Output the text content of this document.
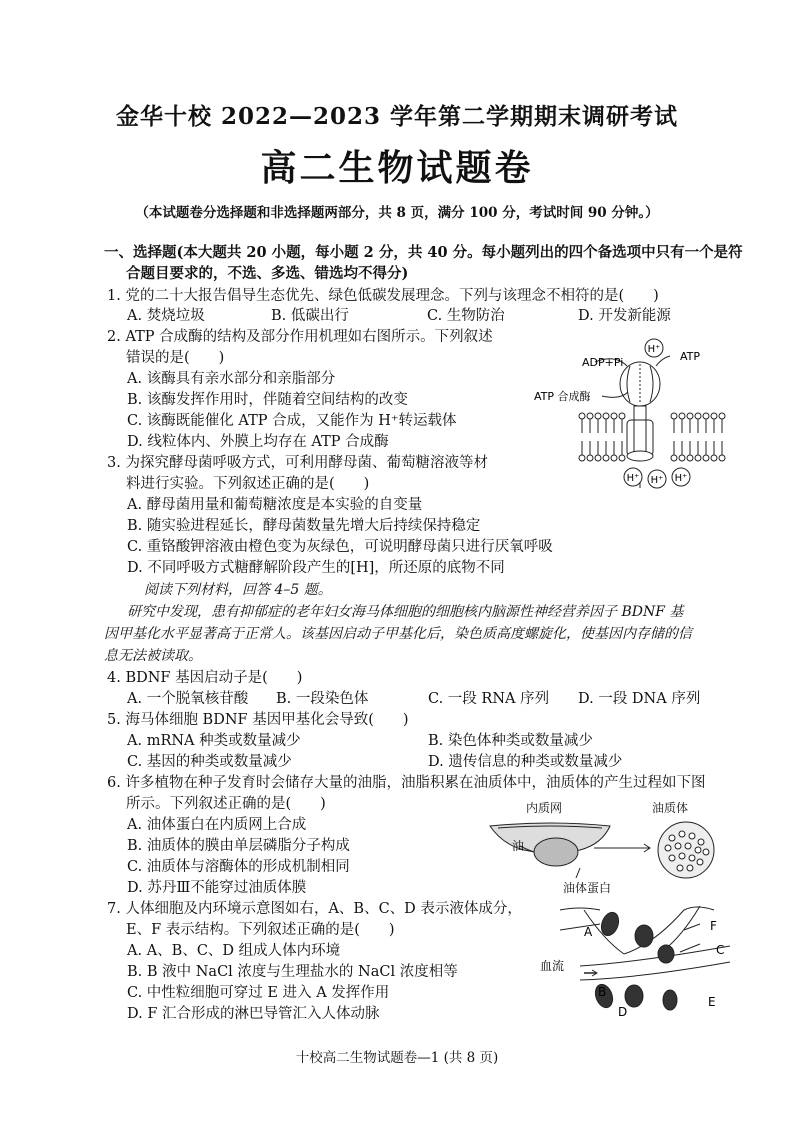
金华十校 2022—2023 学年第二学期期末调研考试
高二生物试题卷
（本试题卷分选择题和非选择题两部分，共 8 页，满分 100 分，考试时间 90 分钟。）
一、选择题(本大题共 20 小题，每小题 2 分，共 40 分。每小题列出的四个备选项中只有一个是符
合题目要求的，不选、多选、错选均不得分)
1. 党的二十大报告倡导生态优先、绿色低碳发展理念。下列与该理念不相符的是(　　)
A. 焚烧垃圾	B. 低碳出行	C. 生物防治	D. 开发新能源
2. ATP 合成酶的结构及部分作用机理如右图所示。下列叙述
错误的是(　　)
A. 该酶具有亲水部分和亲脂部分
B. 该酶发挥作用时，伴随着空间结构的改变
C. 该酶既能催化 ATP 合成，又能作为 H⁺转运载体
D. 线粒体内、外膜上均存在 ATP 合成酶
H⁺
H⁺ H⁺ H⁺
ADP+Pi	ATP
ATP 合成酶
3. 为探究酵母菌呼吸方式，可利用酵母菌、葡萄糖溶液等材
料进行实验。下列叙述正确的是(　　)
A. 酵母菌用量和葡萄糖浓度是本实验的自变量
B. 随实验进程延长，酵母菌数量先增大后持续保持稳定
C. 重铬酸钾溶液由橙色变为灰绿色，可说明酵母菌只进行厌氧呼吸
D. 不同呼吸方式糖酵解阶段产生的[H]，所还原的底物不同
阅读下列材料，回答 4–5 题。
研究中发现，患有抑郁症的老年妇女海马体细胞的细胞核内脑源性神经营养因子 BDNF 基
因甲基化水平显著高于正常人。该基因启动子甲基化后，染色质高度螺旋化，使基因内存储的信
息无法被读取。
4. BDNF 基因启动子是(　　)
A. 一个脱氧核苷酸 B. 一段染色体	C. 一段 RNA 序列 D. 一段 DNA 序列
5. 海马体细胞 BDNF 基因甲基化会导致(　　)
A. mRNA 种类或数量减少	B. 染色体种类或数量减少
C. 基因的种类或数量减少	D. 遗传信息的种类或数量减少
6. 许多植物在种子发育时会储存大量的油脂，油脂积累在油质体中，油质体的产生过程如下图
所示。下列叙述正确的是(　　)
A. 油体蛋白在内质网上合成
B. 油质体的膜由单层磷脂分子构成
C. 油质体与溶酶体的形成机制相同
D. 苏丹Ⅲ不能穿过油质体膜
内质网	油质体
油
油体蛋白
7. 人体细胞及内环境示意图如右，A、B、C、D 表示液体成分，
E、F 表示结构。下列叙述正确的是(　　)
A. A、B、C、D 组成人体内环境
B. B 液中 NaCl 浓度与生理盐水的 NaCl 浓度相等
C. 中性粒细胞可穿过 E 进入 A 发挥作用
D. F 汇合形成的淋巴导管汇入人体动脉
A
B
C
D
E
F
血流
十校高二生物试题卷—1 (共 8 页)
